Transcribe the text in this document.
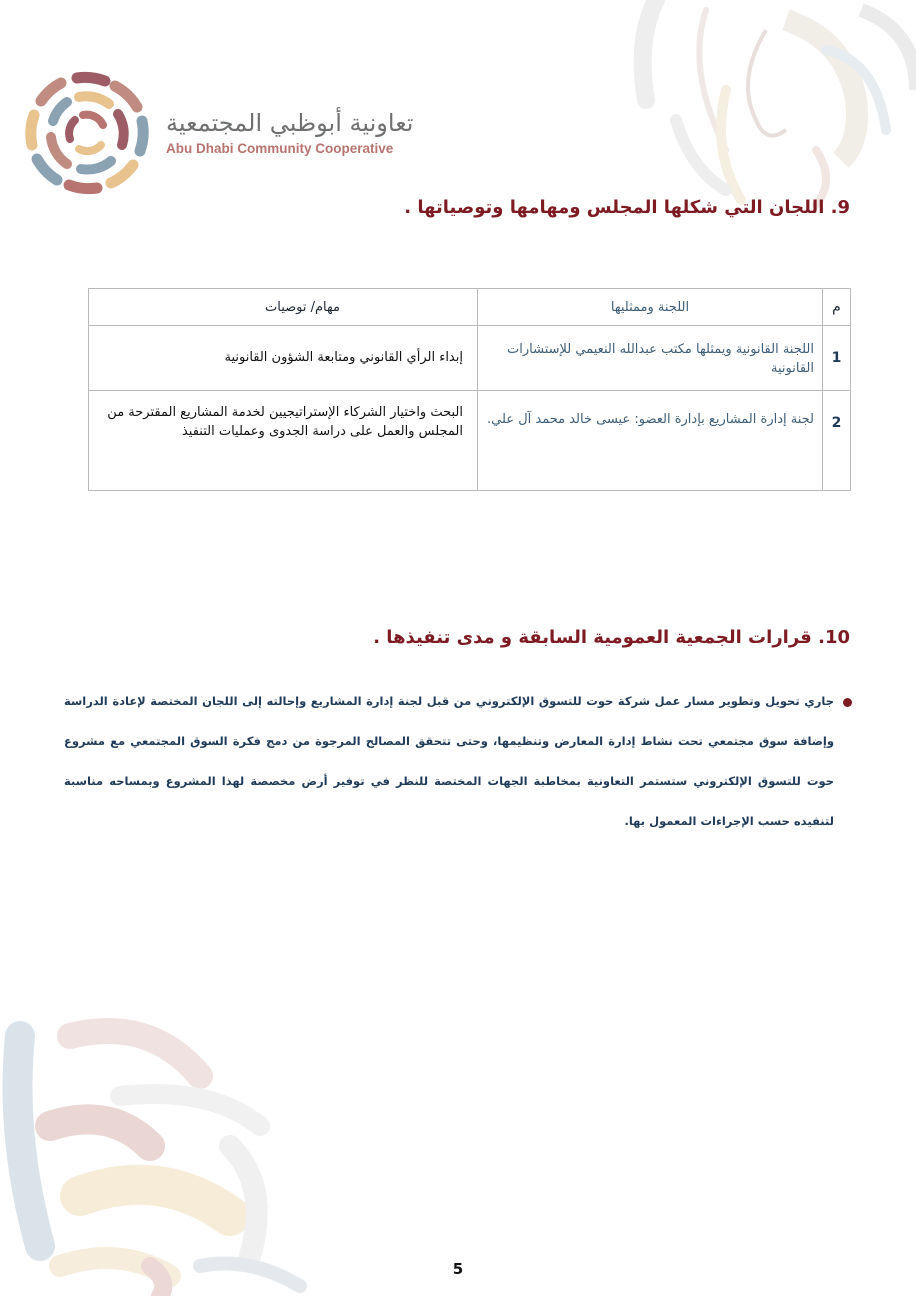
تعاونية أبوظبي المجتمعية
Abu Dhabi Community Cooperative
9. اللجان التي شكلها المجلس ومهامها وتوصياتها .
م	اللجنة وممثليها	مهام/ توصيات
1	اللجنة القانونية ويمثلها مكتب عبدالله النعيمي للإستشارات القانونية	إبداء الرأي القانوني ومتابعة الشؤون القانونية
2	لجنة إدارة المشاريع بإدارة العضو: عيسى خالد محمد آل علي.	البحث واختيار الشركاء الإستراتيجيين لخدمة المشاريع المقترحة من المجلس والعمل على دراسة الجدوى وعمليات التنفيذ
10. قرارات الجمعية العمومية السابقة و مدى تنفيذها .
جاري تحويل وتطوير مسار عمل شركة حوت للتسوق الإلكتروني من قبل لجنة إدارة المشاريع وإحالته إلى اللجان المختصة لإعادة الدراسة وإضافة سوق مجتمعي تحت نشاط إدارة المعارض وتنظيمها، وحتى تتحقق المصالح المرجوة من دمج فكرة السوق المجتمعي مع مشروع حوت للتسوق الإلكتروني ستستمر التعاونية بمخاطبة الجهات المختصة للنظر في توفير أرض مخصصة لهذا المشروع وبمساحه مناسبة لتنفيده حسب الإجراءات المعمول بها.
5
